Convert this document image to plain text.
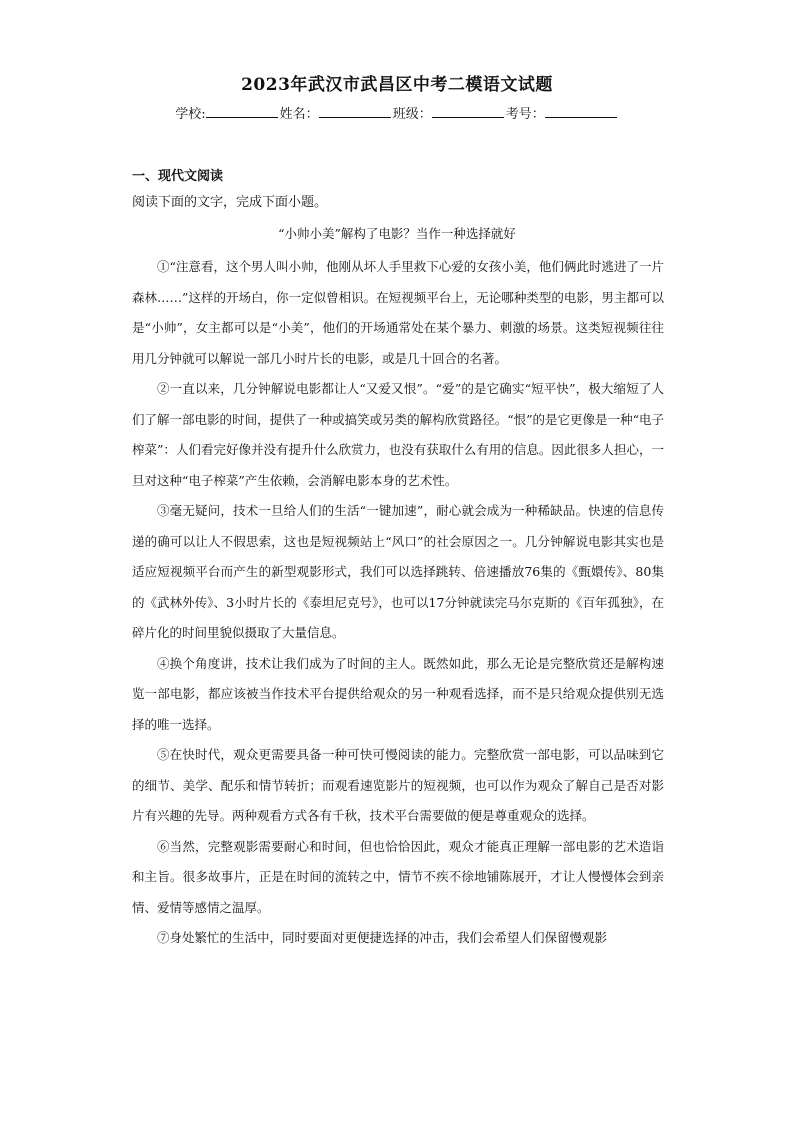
2023年武汉市武昌区中考二模语文试题
学校:	姓名：	班级：	考号：
一、现代文阅读
阅读下面的文字，完成下面小题。
“小帅小美”解构了电影？当作一种选择就好

①“注意看，这个男人叫小帅，他刚从坏人手里救下心爱的女孩小美，他们俩此时逃进了一片森林……”这样的开场白，你一定似曾相识。在短视频平台上，无论哪种类型的电影，男主都可以是“小帅”，女主都可以是“小美”，他们的开场通常处在某个暴力、刺激的场景。这类短视频往往用几分钟就可以解说一部几小时片长的电影，或是几十回合的名著。

②一直以来，几分钟解说电影都让人“又爱又恨”。“爱”的是它确实“短平快”，极大缩短了人们了解一部电影的时间，提供了一种或搞笑或另类的解构欣赏路径。“恨”的是它更像是一种“电子榨菜”：人们看完好像并没有提升什么欣赏力，也没有获取什么有用的信息。因此很多人担心，一旦对这种“电子榨菜”产生依赖，会消解电影本身的艺术性。

③毫无疑问，技术一旦给人们的生活“一键加速”，耐心就会成为一种稀缺品。快速的信息传递的确可以让人不假思索，这也是短视频站上“风口”的社会原因之一。几分钟解说电影其实也是适应短视频平台而产生的新型观影形式，我们可以选择跳转、倍速播放76集的《甄嬛传》、80集的《武林外传》、3小时片长的《泰坦尼克号》，也可以17分钟就读完马尔克斯的《百年孤独》，在碎片化的时间里貌似摄取了大量信息。

④换个角度讲，技术让我们成为了时间的主人。既然如此，那么无论是完整欣赏还是解构速览一部电影，都应该被当作技术平台提供给观众的另一种观看选择，而不是只给观众提供别无选择的唯一选择。

⑤在快时代，观众更需要具备一种可快可慢阅读的能力。完整欣赏一部电影，可以品味到它的细节、美学、配乐和情节转折；而观看速览影片的短视频，也可以作为观众了解自己是否对影片有兴趣的先导。两种观看方式各有千秋，技术平台需要做的便是尊重观众的选择。

⑥当然，完整观影需要耐心和时间，但也恰恰因此，观众才能真正理解一部电影的艺术造诣和主旨。很多故事片，正是在时间的流转之中，情节不疾不徐地铺陈展开，才让人慢慢体会到亲情、爱情等感情之温厚。

⑦身处繁忙的生活中，同时要面对更便捷选择的冲击，我们会希望人们保留慢观影
